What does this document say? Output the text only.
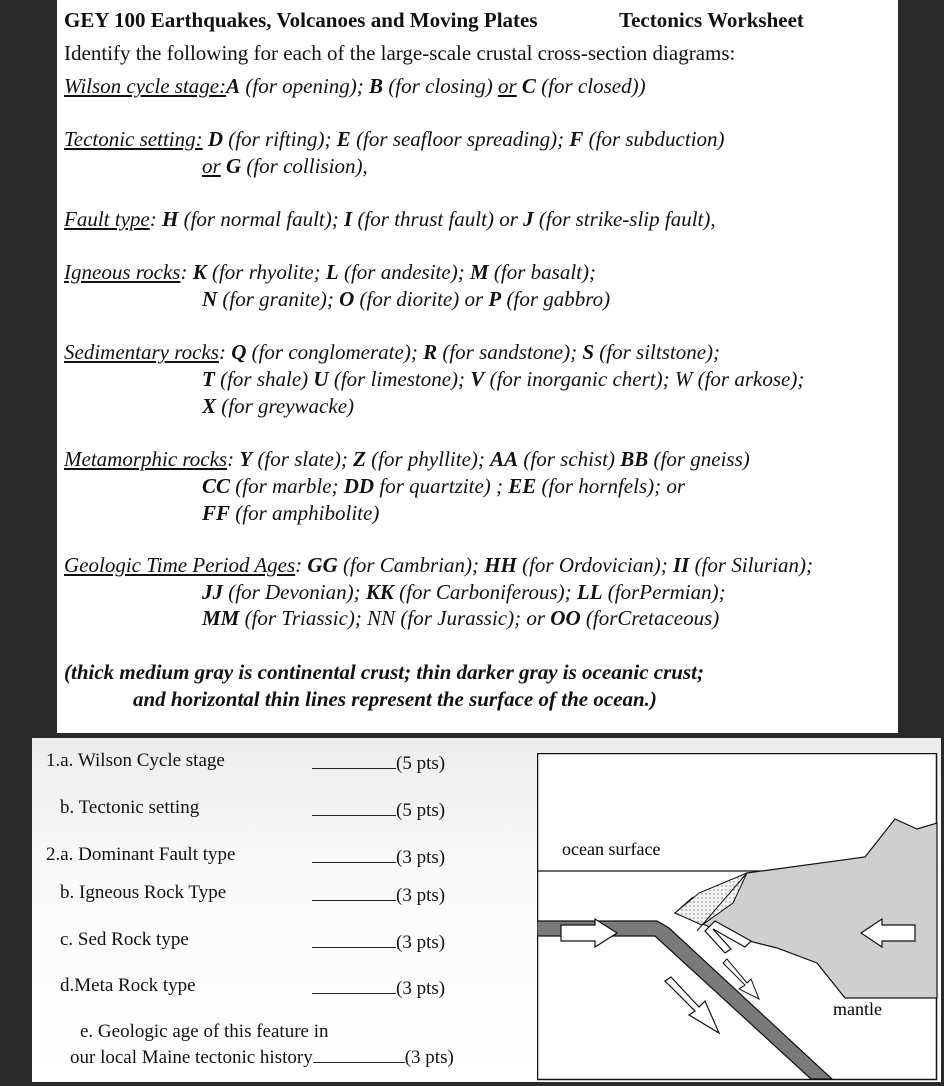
GEY 100 Earthquakes, Volcanoes and Moving Plates	Tectonics Worksheet
Identify the following for each of the large-scale crustal cross-section diagrams:
Wilson cycle stage:A (for opening); B (for closing) or C (for closed))
Tectonic setting: D (for rifting); E (for seafloor spreading); F (for subduction)
or G (for collision),
Fault type: H (for normal fault); I (for thrust fault) or J (for strike-slip fault),
Igneous rocks: K (for rhyolite; L (for andesite); M (for basalt);
N (for granite); O (for diorite) or P (for gabbro)
Sedimentary rocks: Q (for conglomerate); R (for sandstone); S (for siltstone);
T (for shale) U (for limestone); V (for inorganic chert); W (for arkose);
X (for greywacke)
Metamorphic rocks: Y (for slate); Z (for phyllite); AA (for schist) BB (for gneiss)
CC (for marble; DD for quartzite) ; EE (for hornfels); or
FF (for amphibolite)
Geologic Time Period Ages: GG (for Cambrian); HH (for Ordovician); II (for Silurian);
JJ (for Devonian); KK (for Carboniferous); LL (forPermian);
MM (for Triassic); NN (for Jurassic); or OO (forCretaceous)
(thick medium gray is continental crust; thin darker gray is oceanic crust;
and horizontal thin lines represent the surface of the ocean.)
1.a. Wilson Cycle stage	(5 pts)
b. Tectonic setting	(5 pts)
2.a. Dominant Fault type	(3 pts)
b. Igneous Rock Type	(3 pts)
c. Sed Rock type	(3 pts)
d.Meta Rock type	(3 pts)
e. Geologic age of this feature in
our local Maine tectonic history	(3 pts)
ocean surface
mantle
